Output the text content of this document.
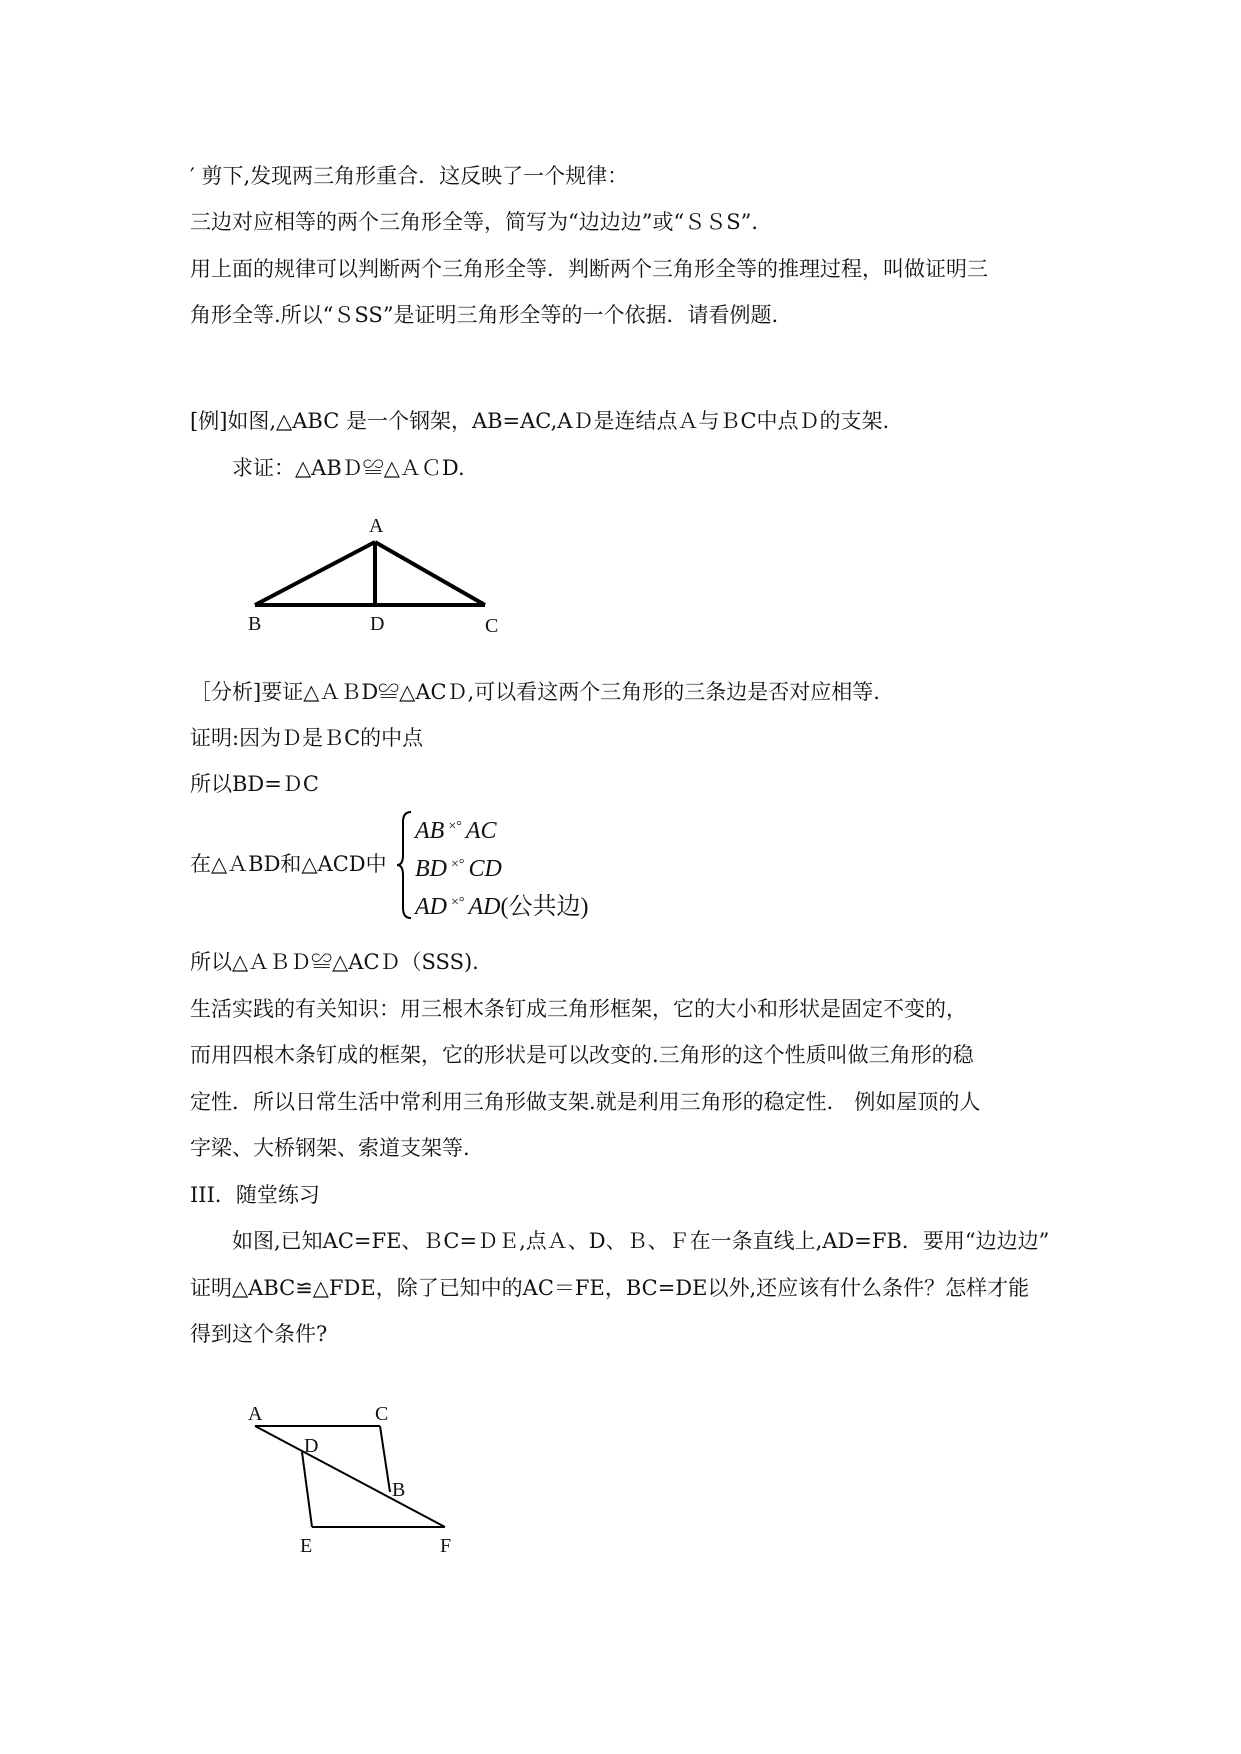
′ 剪下,发现两三角形重合．这反映了一个规律：
三边对应相等的两个三角形全等，简写为“边边边”或“ＳＳS”．
用上面的规律可以判断两个三角形全等．判断两个三角形全等的推理过程，叫做证明三
角形全等.所以“ＳSS”是证明三角形全等的一个依据．请看例题.
[例]如图,△ABC 是一个钢架，AB=AC,AＤ是连结点Ａ与ＢC中点Ｄ的支架.
求证：△ABＤ≌△ＡＣD.
A
B	D	C
［分析]要证△ＡＢD≌△ACＤ,可以看这两个三角形的三条边是否对应相等.
证明:因为Ｄ是ＢC的中点
所以BD=ＤC
在△ＡBD和△ACD中
AB ×° AC
BD ×° CD
AD ×° AD(公共边)
所以△ＡＢＤ≌△ACＤ（SSS).
生活实践的有关知识：用三根木条钉成三角形框架，它的大小和形状是固定不变的，
而用四根木条钉成的框架，它的形状是可以改变的.三角形的这个性质叫做三角形的稳
定性．所以日常生活中常利用三角形做支架.就是利用三角形的稳定性． 例如屋顶的人
字梁、大桥钢架、索道支架等.
III．随堂练习
如图,已知AC=FE、ＢC=ＤＥ,点Ａ、D、Ｂ、Ｆ在一条直线上,AD=FB．要用“边边边”
证明△ABC≌△FDE，除了已知中的AC＝FE，BC=DE以外,还应该有什么条件？怎样才能
得到这个条件?
A	C
D
B
E	F
